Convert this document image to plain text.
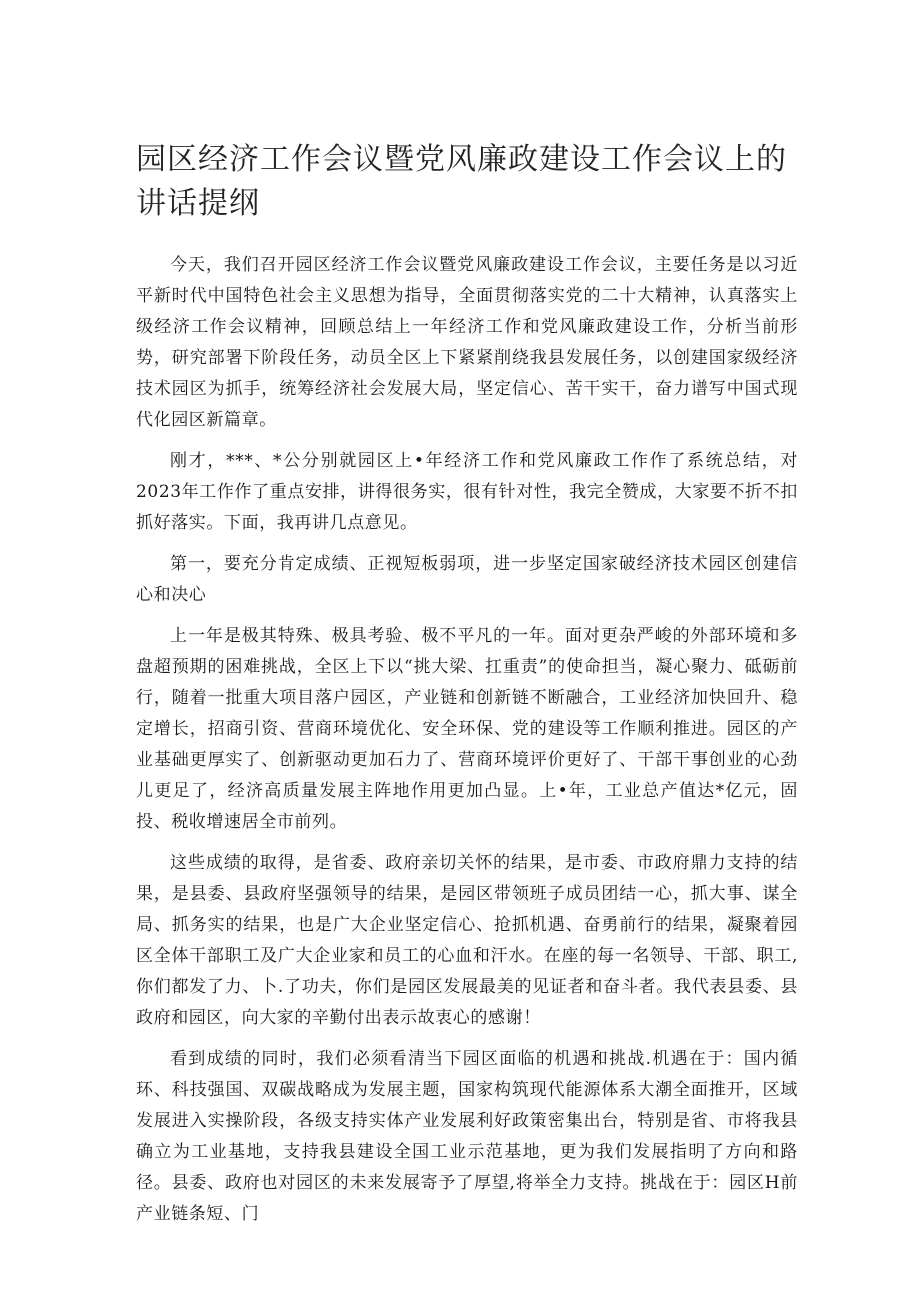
园区经济工作会议暨党风廉政建设工作会议上的讲话提纲

今天，我们召开园区经济工作会议暨党风廉政建设工作会议，主要任务是以习近平新时代中国特色社会主义思想为指导，全面贯彻落实党的二十大精神，认真落实上级经济工作会议精神，回顾总结上一年经济工作和党风廉政建设工作，分析当前形势，研究部署下阶段任务，动员全区上下紧紧削绕我县发展任务，以创建国家级经济技术园区为抓手，统筹经济社会发展大局，坚定信心、苦干实干，奋力谱写中国式现代化园区新篇章。

刚才，***、*公分别就园区上•年经济工作和党风廉政工作作了系统总结，对2023年工作作了重点安排，讲得很务实，很有针对性，我完全赞成，大家要不折不扣抓好落实。下面，我再讲几点意见。

第一，要充分肯定成绩、正视短板弱项，进一步坚定国家破经济技术园区创建信心和决心

上一年是极其特殊、极具考验、极不平凡的一年。面对更杂严峻的外部环境和多盘超预期的困难挑战，全区上下以“挑大梁、扛重责”的使命担当，凝心聚力、砥砺前行，随着一批重大项目落户园区，产业链和创新链不断融合，工业经济加快回升、稳定增长，招商引资、营商环境优化、安全环保、党的建设等工作顺利推进。园区的产业基础更厚实了、创新驱动更加石力了、营商环境评价更好了、干部干事创业的心劲儿更足了，经济高质量发展主阵地作用更加凸显。上•年，工业总产值达*亿元，固投、税收增速居全市前列。

这些成绩的取得，是省委、政府亲切关怀的结果，是市委、市政府鼎力支持的结果，是县委、县政府坚强领导的结果，是园区带领班子成员团结一心，抓大事、谋全局、抓务实的结果，也是广大企业坚定信心、抢抓机遇、奋勇前行的结果，凝聚着园区全体干部职工及广大企业家和员工的心血和汗水。在座的每一名领导、干部、职工,你们都发了力、卜.了功夫，你们是园区发展最美的见证者和奋斗者。我代表县委、县政府和园区，向大家的辛勤付出表示故衷心的感谢！

看到成绩的同时，我们必须看清当下园区面临的机遇和挑战.机遇在于：国内循环、科技强国、双碳战略成为发展主题，国家构筑现代能源体系大潮全面推开，区域发展进入实操阶段，各级支持实体产业发展利好政策密集出台，特别是省、市将我县确立为工业基地，支持我县建设全国工业示范基地，更为我们发展指明了方向和路径。县委、政府也对园区的未来发展寄予了厚望,将举全力支持。挑战在于：园区H前产业链条短、门
